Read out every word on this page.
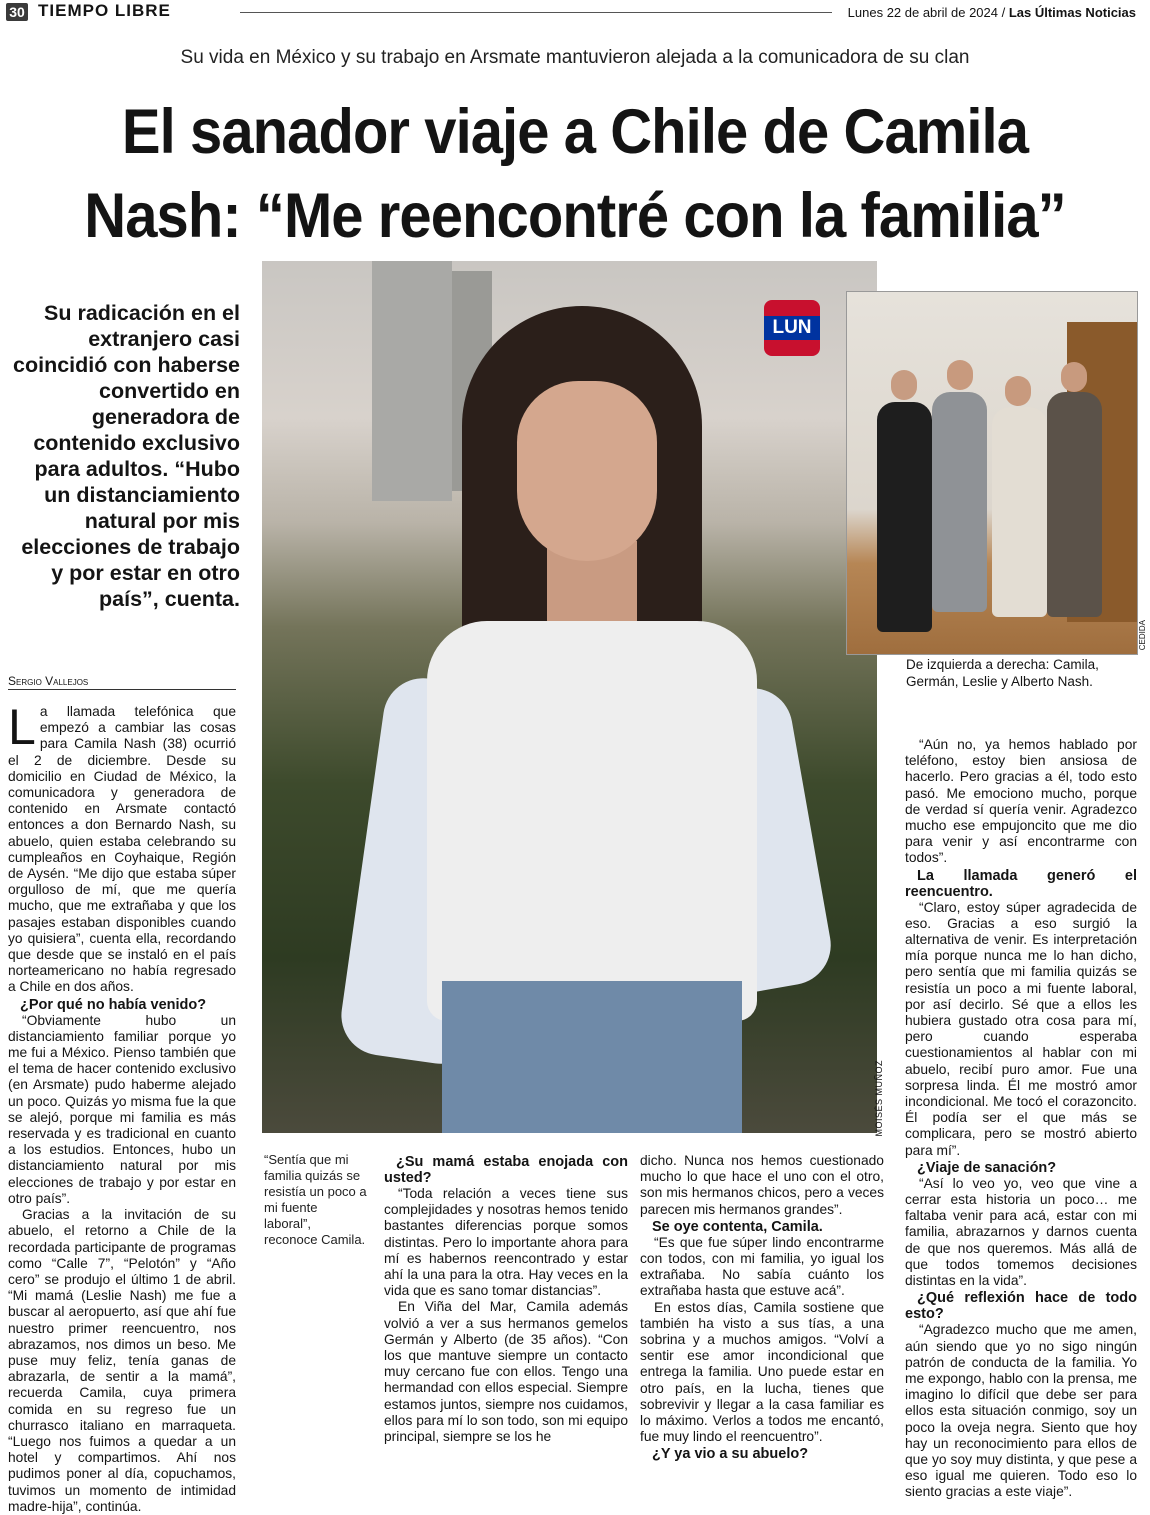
30 TIEMPO LIBRE	Lunes 22 de abril de 2024 / Las Últimas Noticias
Su vida en México y su trabajo en Arsmate mantuvieron alejada a la comunicadora de su clan
El sanador viaje a Chile de Camila Nash: “Me reencontré con la familia”
LUN
MOISÉS MUÑOZ
CEDIDA
De izquierda a derecha: Camila, Germán, Leslie y Alberto Nash.
Su radicación en el extranjero casi coincidió con haberse convertido en generadora de contenido exclusivo para adultos. “Hubo un distanciamiento natural por mis elecciones de trabajo y por estar en otro país”, cuenta.
Sergio Vallejos

La llamada telefónica que empezó a cambiar las cosas para Camila Nash (38) ocurrió el 2 de diciembre. Desde su domicilio en Ciudad de México, la comunicadora y generadora de contenido en Arsmate contactó entonces a don Bernardo Nash, su abuelo, quien estaba celebrando su cumpleaños en Coyhaique, Región de Aysén. “Me dijo que estaba súper orgulloso de mí, que me quería mucho, que me extrañaba y que los pasajes estaban disponibles cuando yo quisiera”, cuenta ella, recordando que desde que se instaló en el país norteamericano no había regresado a Chile en dos años.

¿Por qué no había venido?

“Obviamente hubo un distanciamiento familiar porque yo me fui a México. Pienso también que el tema de hacer contenido exclusivo (en Arsmate) pudo haberme alejado un poco. Quizás yo misma fue la que se alejó, porque mi familia es más reservada y es tradicional en cuanto a los estudios. Entonces, hubo un distanciamiento natural por mis elecciones de trabajo y por estar en otro país”.

Gracias a la invitación de su abuelo, el retorno a Chile de la recordada participante de programas como “Calle 7”, “Pelotón” y “Año cero” se produjo el último 1 de abril. “Mi mamá (Leslie Nash) me fue a buscar al aeropuerto, así que ahí fue nuestro primer reencuentro, nos abrazamos, nos dimos un beso. Me puse muy feliz, tenía ganas de abrazarla, de sentir a la mamá”, recuerda Camila, cuya primera comida en su regreso fue un churrasco italiano en marraqueta. “Luego nos fuimos a quedar a un hotel y compartimos. Ahí nos pudimos poner al día, copuchamos, tuvimos un momento de intimidad madre-hija”, continúa.

“Sentía que mi familia quizás se resistía un poco a mi fuente laboral”, reconoce Camila.

¿Su mamá estaba enojada con usted?

“Toda relación a veces tiene sus complejidades y nosotras hemos tenido bastantes diferencias porque somos distintas. Pero lo importante ahora para mí es habernos reencontrado y estar ahí la una para la otra. Hay veces en la vida que es sano tomar distancias”.

En Viña del Mar, Camila además volvió a ver a sus hermanos gemelos Germán y Alberto (de 35 años). “Con los que mantuve siempre un contacto muy cercano fue con ellos. Tengo una hermandad con ellos especial. Siempre estamos juntos, siempre nos cuidamos, ellos para mí lo son todo, son mi equipo principal, siempre se los he

dicho. Nunca nos hemos cuestionado mucho lo que hace el uno con el otro, son mis hermanos chicos, pero a veces parecen mis hermanos grandes”.

Se oye contenta, Camila.

“Es que fue súper lindo encontrarme con todos, con mi familia, yo igual los extrañaba. No sabía cuánto los extrañaba hasta que estuve acá”.

En estos días, Camila sostiene que también ha visto a sus tías, a una sobrina y a muchos amigos. “Volví a sentir ese amor incondicional que entrega la familia. Uno puede estar en otro país, en la lucha, tienes que sobrevivir y llegar a la casa familiar es lo máximo. Verlos a todos me encantó, fue muy lindo el reencuentro”.

¿Y ya vio a su abuelo?

“Aún no, ya hemos hablado por teléfono, estoy bien ansiosa de hacerlo. Pero gracias a él, todo esto pasó. Me emociono mucho, porque de verdad sí quería venir. Agradezco mucho ese empujoncito que me dio para venir y así encontrarme con todos”.

La llamada generó el reencuentro.

“Claro, estoy súper agradecida de eso. Gracias a eso surgió la alternativa de venir. Es interpretación mía porque nunca me lo han dicho, pero sentía que mi familia quizás se resistía un poco a mi fuente laboral, por así decirlo. Sé que a ellos les hubiera gustado otra cosa para mí, pero cuando esperaba cuestionamientos al hablar con mi abuelo, recibí puro amor. Fue una sorpresa linda. Él me mostró amor incondicional. Me tocó el corazoncito. Él podía ser el que más se complicara, pero se mostró abierto para mí”.

¿Viaje de sanación?

“Así lo veo yo, veo que vine a cerrar esta historia un poco… me faltaba venir para acá, estar con mi familia, abrazarnos y darnos cuenta de que nos queremos. Más allá de que todos tomemos decisiones distintas en la vida”.

¿Qué reflexión hace de todo esto?

“Agradezco mucho que me amen, aún siendo que yo no sigo ningún patrón de conducta de la familia. Yo me expongo, hablo con la prensa, me imagino lo difícil que debe ser para ellos esta situación conmigo, soy un poco la oveja negra. Siento que hoy hay un reconocimiento para ellos de que yo soy muy distinta, y que pese a eso igual me quieren. Todo eso lo siento gracias a este viaje”.
